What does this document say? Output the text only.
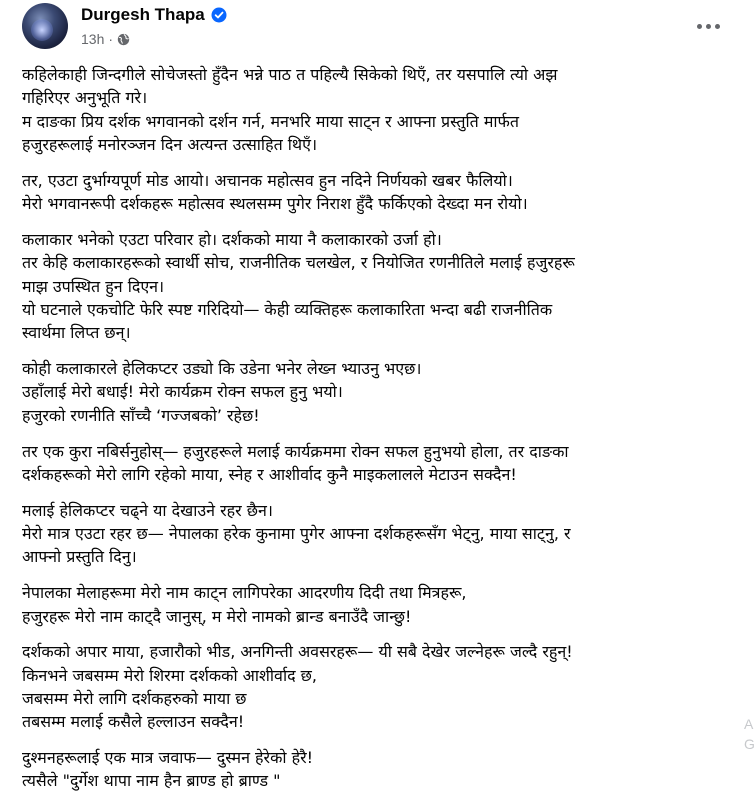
Durgesh Thapa
13h ·
कहिलेकाही जिन्दगीले सोचेजस्तो हुँदैन भन्ने पाठ त पहिल्यै सिकेको थिएँ, तर यसपालि त्यो अझ
गहिरिएर अनुभूति गरे।
म दाङका प्रिय दर्शक भगवानको दर्शन गर्न, मनभरि माया साट्न र आफ्ना प्रस्तुति मार्फत
हजुरहरूलाई मनोरञ्जन दिन अत्यन्त उत्साहित थिएँ।
तर, एउटा दुर्भाग्यपूर्ण मोड आयो। अचानक महोत्सव हुन नदिने निर्णयको खबर फैलियो।
मेरो भगवानरूपी दर्शकहरू महोत्सव स्थलसम्म पुगेर निराश हुँदै फर्किएको देख्दा मन रोयो।
कलाकार भनेको एउटा परिवार हो। दर्शकको माया नै कलाकारको उर्जा हो।
तर केहि कलाकारहरूको स्वार्थी सोच, राजनीतिक चलखेल, र नियोजित रणनीतिले मलाई हजुरहरू
माझ उपस्थित हुन दिएन।
यो घटनाले एकचोटि फेरि स्पष्ट गरिदियो— केही व्यक्तिहरू कलाकारिता भन्दा बढी राजनीतिक
स्वार्थमा लिप्त छन्।
कोही कलाकारले हेलिकप्टर उड्यो कि उडेना भनेर लेख्न भ्याउनु भएछ।
उहाँलाई मेरो बधाई! मेरो कार्यक्रम रोक्न सफल हुनु भयो।
हजुरको रणनीति साँच्चै ‘गज्जबको’ रहेछ!
तर एक कुरा नबिर्सनुहोस्— हजुरहरूले मलाई कार्यक्रममा रोक्न सफल हुनुभयो होला, तर दाङका
दर्शकहरूको मेरो लागि रहेको माया, स्नेह र आशीर्वाद कुनै माइकलालले मेटाउन सक्दैन!
मलाई हेलिकप्टर चढ्ने या देखाउने रहर छैन।
मेरो मात्र एउटा रहर छ— नेपालका हरेक कुनामा पुगेर आफ्ना दर्शकहरूसँग भेट्नु, माया साट्नु, र
आफ्नो प्रस्तुति दिनु।
नेपालका मेलाहरूमा मेरो नाम काट्न लागिपरेका आदरणीय दिदी तथा मित्रहरू,
हजुरहरू मेरो नाम काट्दै जानुस्, म मेरो नामको ब्रान्ड बनाउँदै जान्छु!
दर्शकको अपार माया, हजारौको भीड, अनगिन्ती अवसरहरू— यी सबै देखेर जल्नेहरू जल्दै रहुन्!
किनभने जबसम्म मेरो शिरमा दर्शकको आशीर्वाद छ,
जबसम्म मेरो लागि दर्शकहरुको माया छ
तबसम्म मलाई कसैले हल्लाउन सक्दैन!
दुश्मनहरूलाई एक मात्र जवाफ— दुस्मन हेरेको हेरै!
त्यसैले "दुर्गेश थापा नाम हैन ब्राण्ड हो ब्राण्ड "
A
G
